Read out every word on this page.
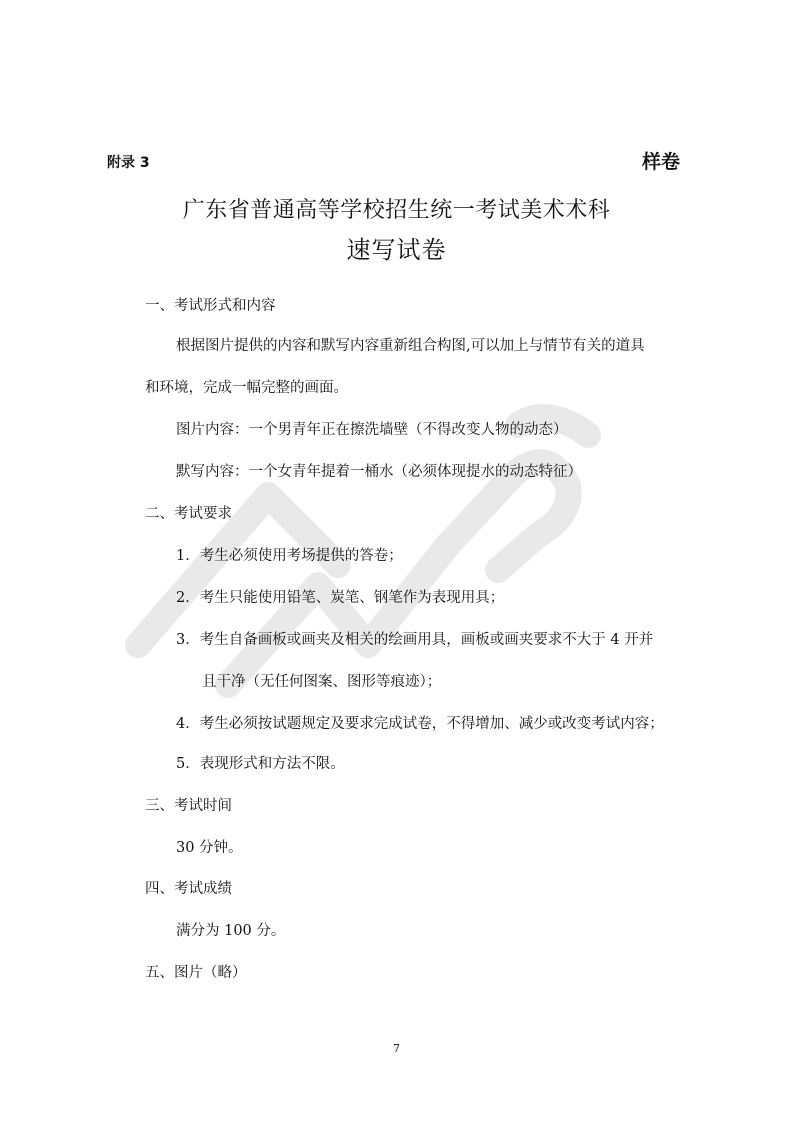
附录 3	样卷
广东省普通高等学校招生统一考试美术术科
速写试卷
一、考试形式和内容
根据图片提供的内容和默写内容重新组合构图,可以加上与情节有关的道具
和环境，完成一幅完整的画面。
图片内容：一个男青年正在擦洗墙壁（不得改变人物的动态）
默写内容：一个女青年提着一桶水（必须体现提水的动态特征）
二、考试要求
1．考生必须使用考场提供的答卷；
2．考生只能使用铅笔、炭笔、钢笔作为表现用具；
3．考生自备画板或画夹及相关的绘画用具，画板或画夹要求不大于 4 开并
且干净（无任何图案、图形等痕迹）；
4．考生必须按试题规定及要求完成试卷，不得增加、减少或改变考试内容；
5．表现形式和方法不限。
三、考试时间
30 分钟。
四、考试成绩
满分为 100 分。
五、图片（略）
7
